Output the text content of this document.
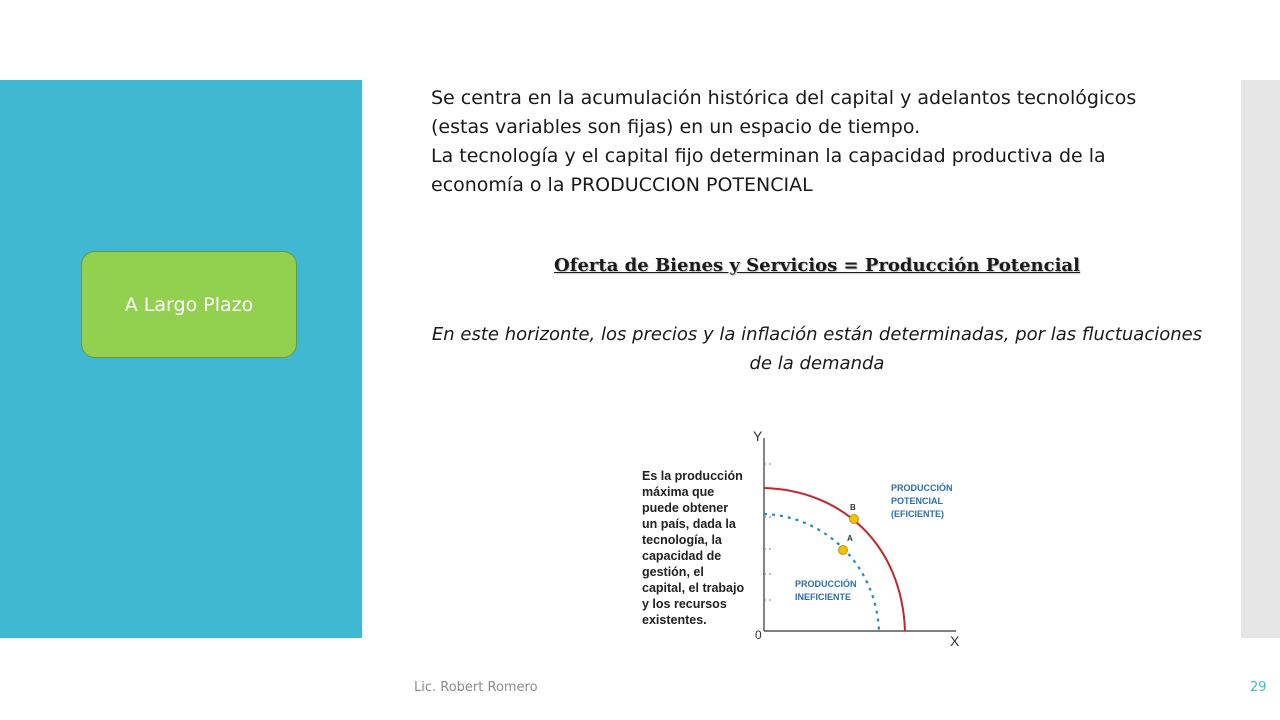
A Largo Plazo

Se centra en la acumulación histórica del capital y adelantos tecnológicos (estas variables son fijas) en un espacio de tiempo.

La tecnología y el capital fijo determinan la capacidad productiva de la economía o la PRODUCCION POTENCIAL

Oferta de Bienes y Servicios = Producción Potencial
En este horizonte, los precios y la inflación están determinadas, por las fluctuaciones de la demanda
B
A
Y
X
0
Es la producción máxima que puede obtener un país, dada la tecnología, la capacidad de gestión, el capital, el trabajo y los recursos existentes.
PRODUCCIÓN POTENCIAL (EFICIENTE)
PRODUCCIÓN INEFICIENTE
Lic. Robert Romero	29
